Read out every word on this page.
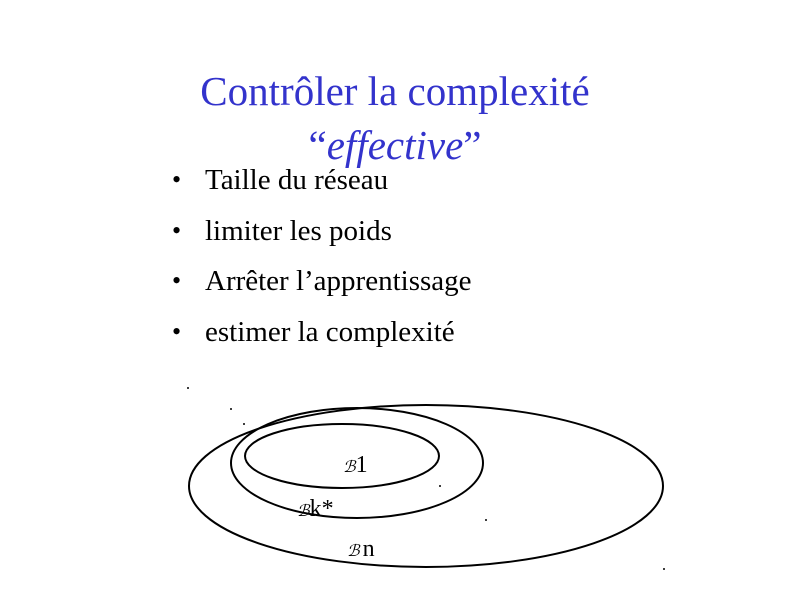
Contrôler la complexité
“effective”
• Taille du réseau
• limiter les poids
• Arrêter l’apprentissage
• estimer la complexité
ℬ1
ℬk*
ℬ n
